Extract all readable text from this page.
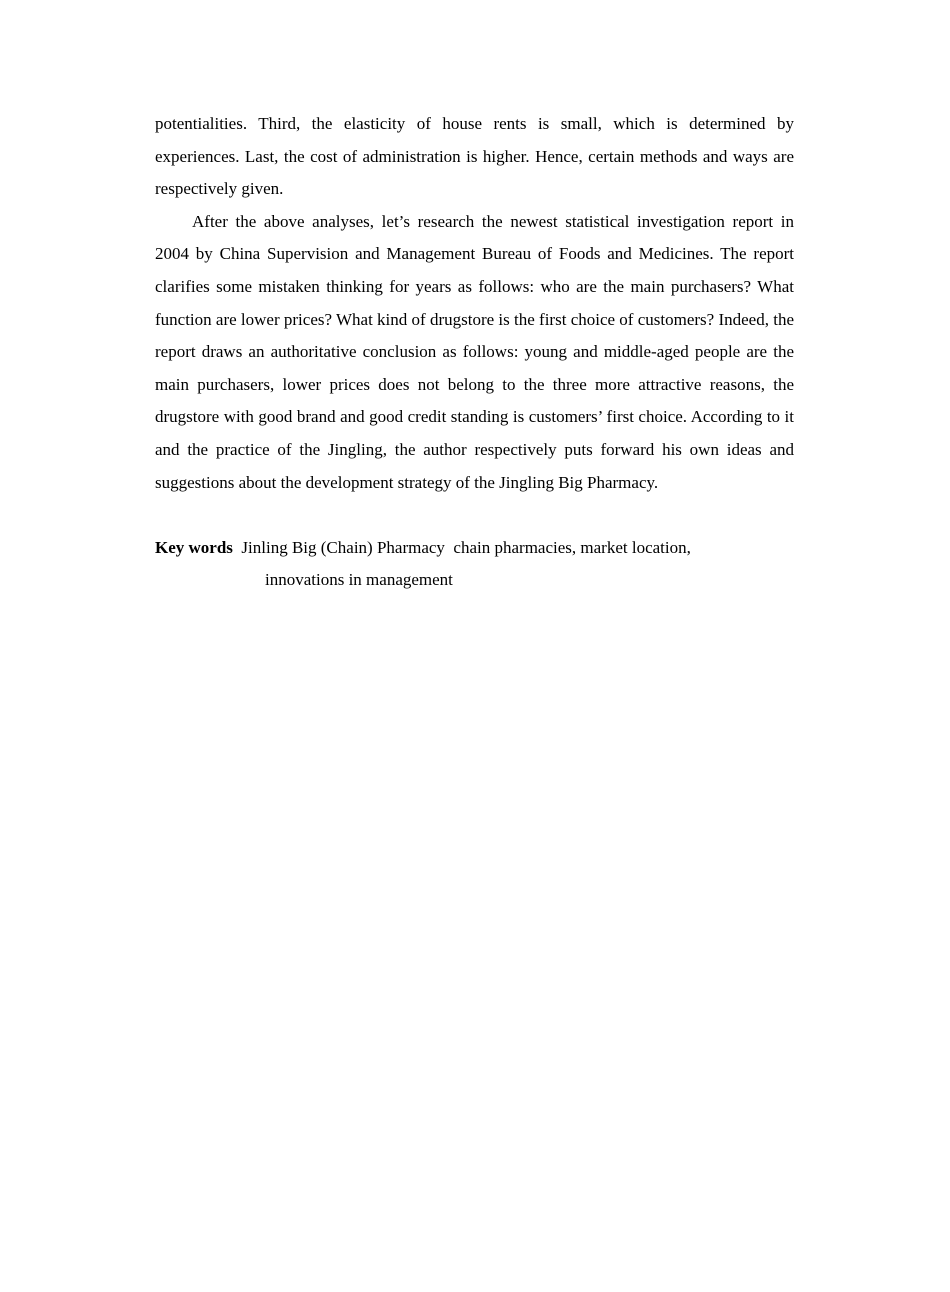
potentialities. Third, the elasticity of house rents is small, which is determined by experiences. Last, the cost of administration is higher. Hence, certain methods and ways are respectively given.

After the above analyses, let’s research the newest statistical investigation report in 2004 by China Supervision and Management Bureau of Foods and Medicines. The report clarifies some mistaken thinking for years as follows: who are the main purchasers? What function are lower prices? What kind of drugstore is the first choice of customers? Indeed, the report draws an authoritative conclusion as follows: young and middle-aged people are the main purchasers, lower prices does not belong to the three more attractive reasons, the drugstore with good brand and good credit standing is customers’ first choice. According to it and the practice of the Jingling, the author respectively puts forward his own ideas and suggestions about the development strategy of the Jingling Big Pharmacy.

Key words Jinling Big (Chain) Pharmacy  chain pharmacies, market location,
innovations in management
